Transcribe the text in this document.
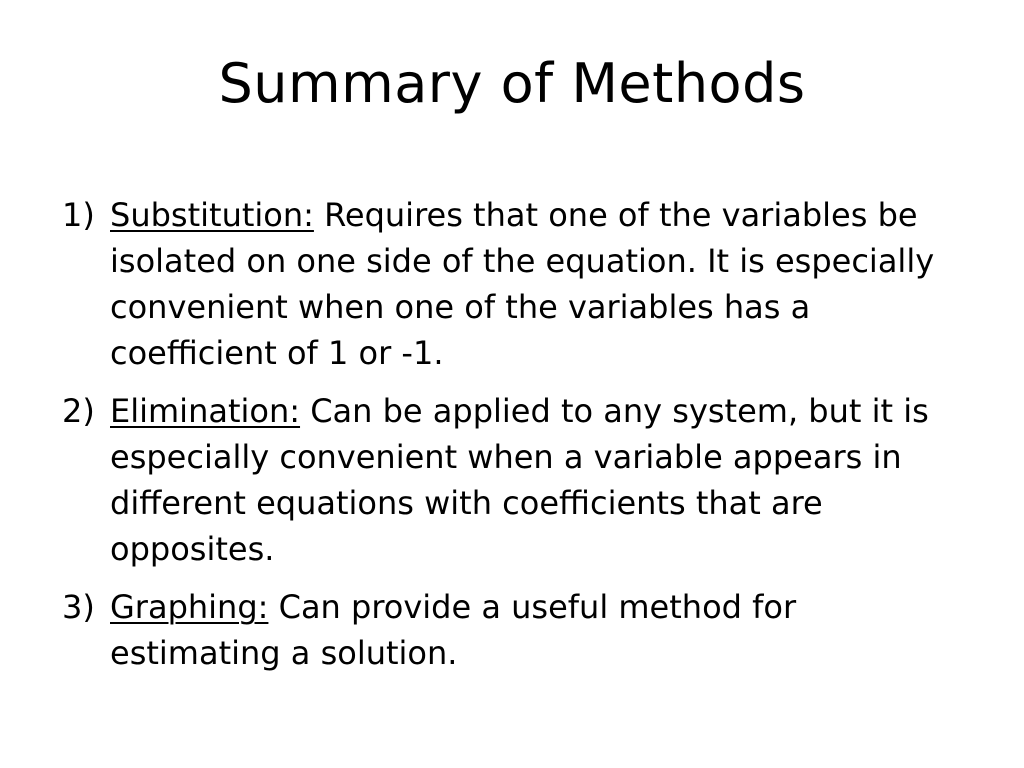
Summary of Methods
1) Substitution: Requires that one of the variables be isolated on one side of the equation. It is especially convenient when one of the variables has a coefficient of 1 or -1.
2) Elimination: Can be applied to any system, but it is especially convenient when a variable appears in different equations with coefficients that are opposites.
3) Graphing: Can provide a useful method for estimating a solution.
